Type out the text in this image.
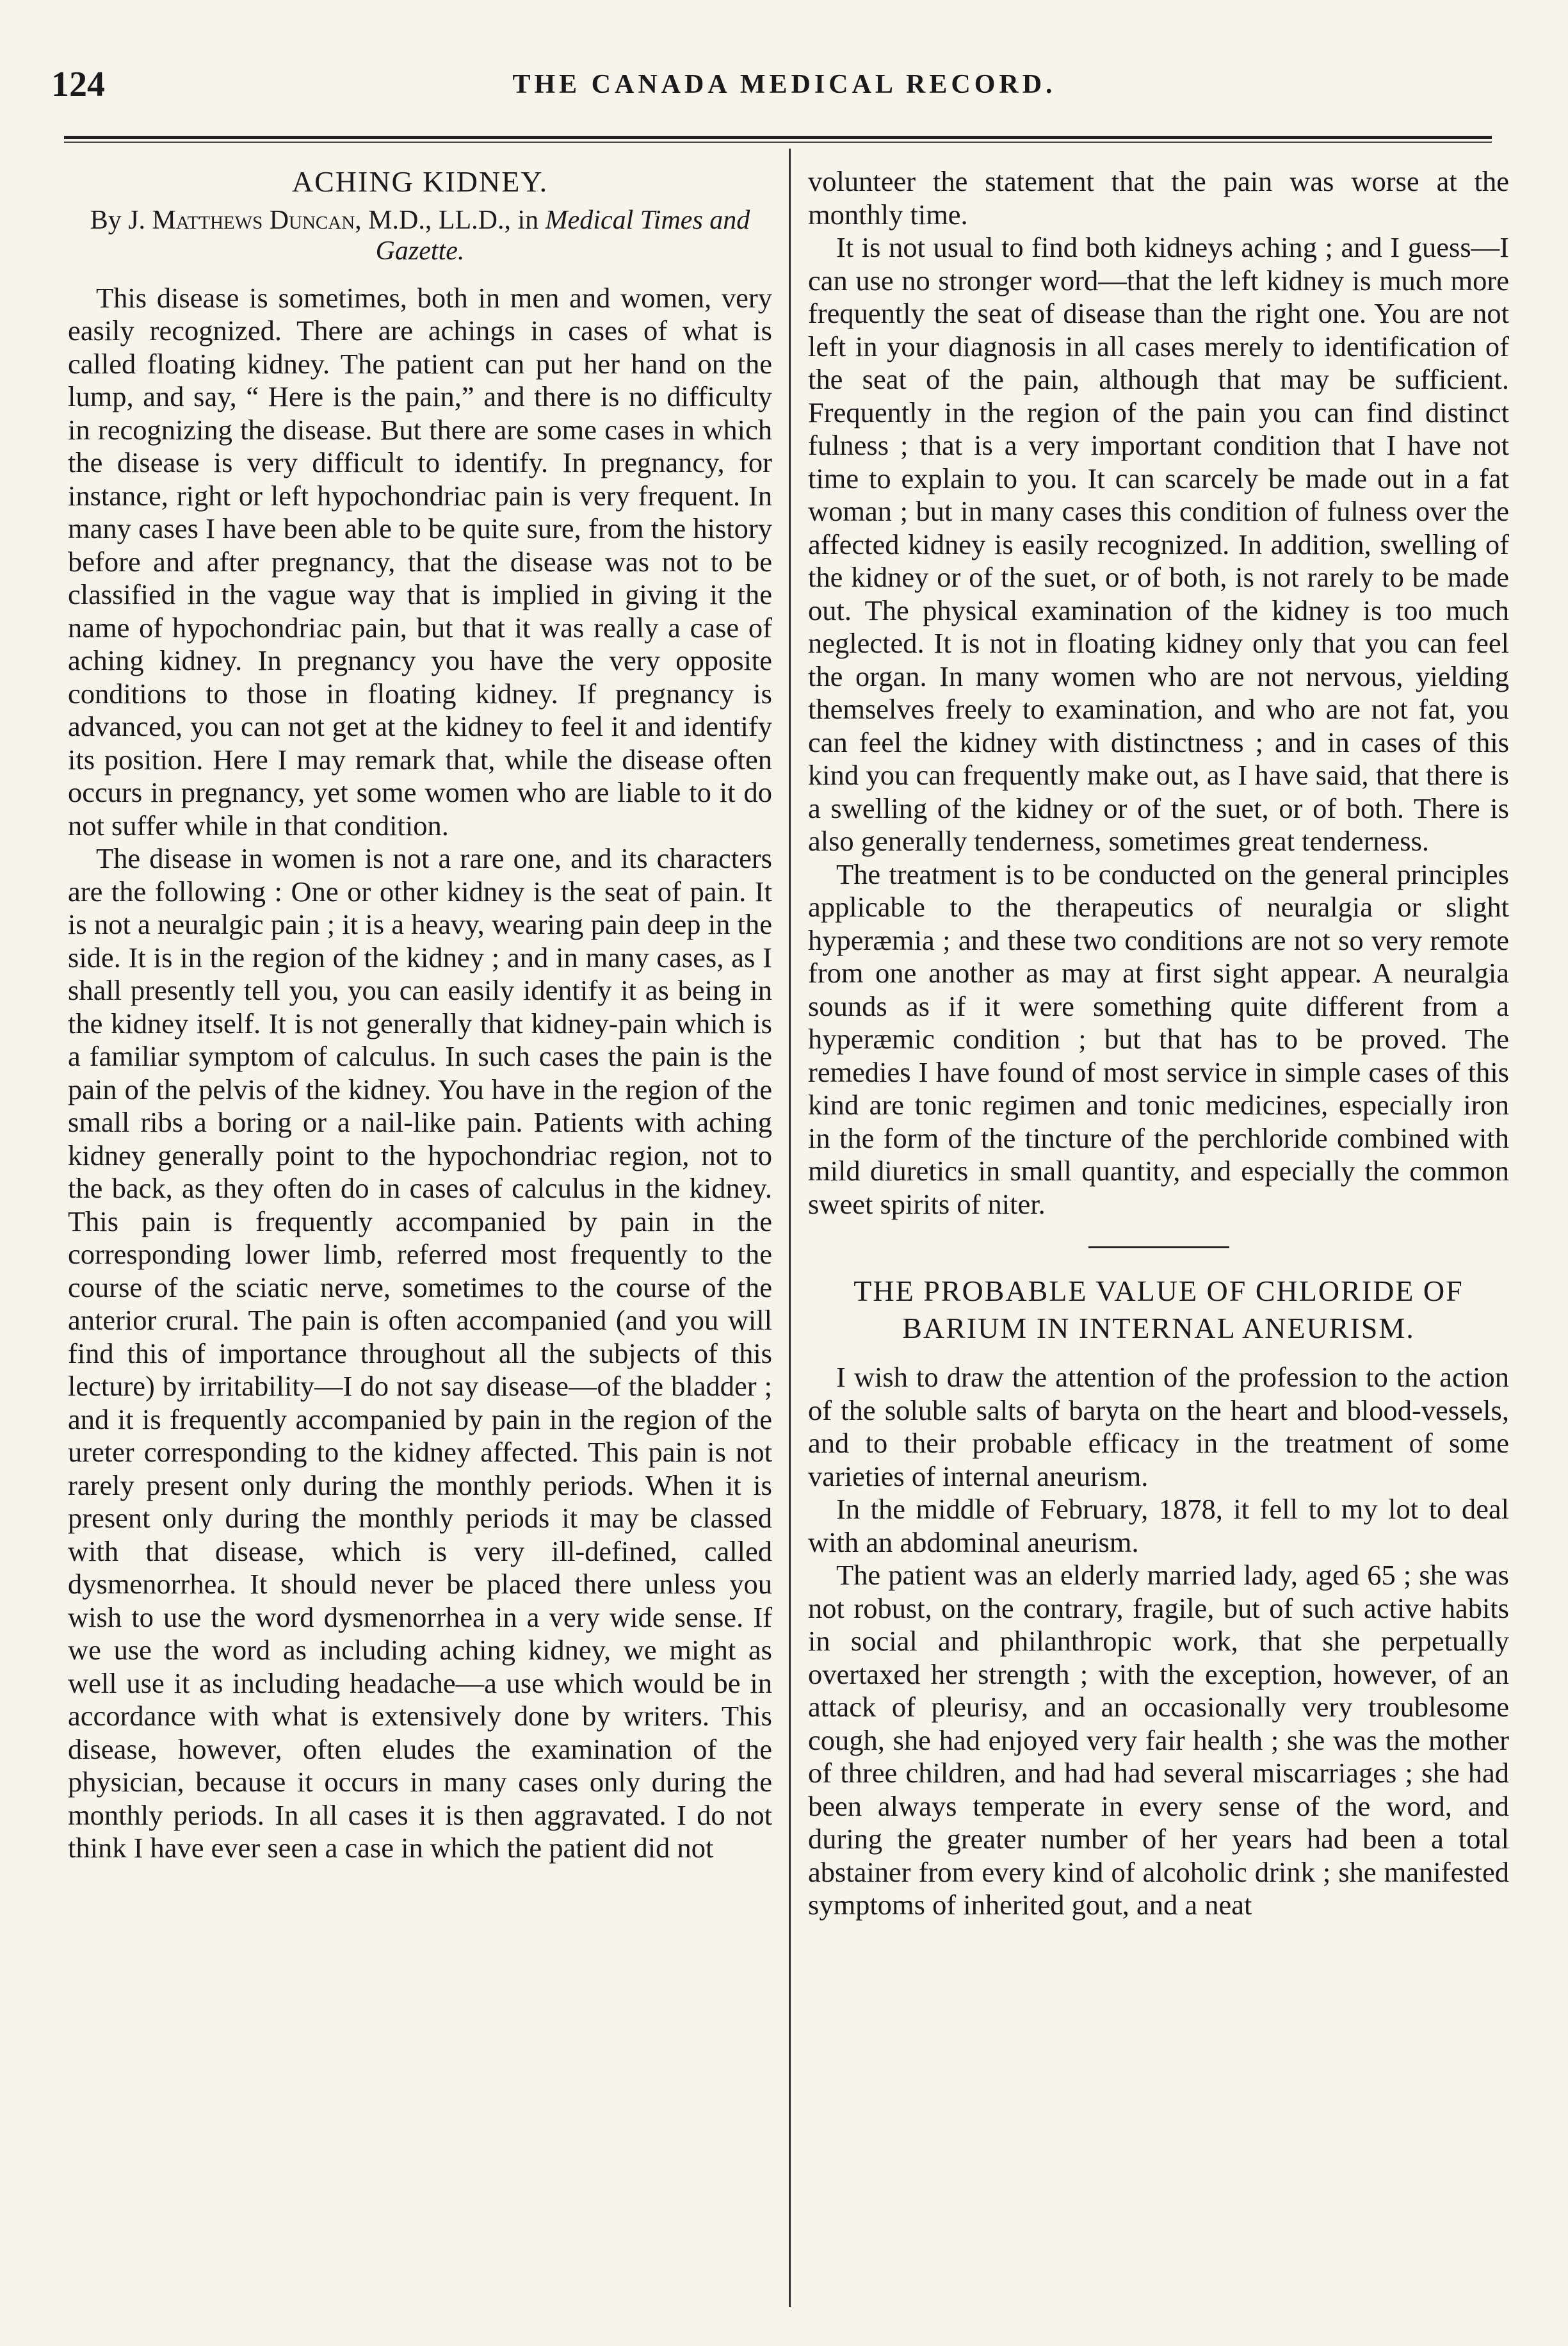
124	THE CANADA MEDICAL RECORD.
ACHING KIDNEY.
By J. Matthews Duncan, M.D., LL.D., in Medical Times and Gazette.

This disease is sometimes, both in men and women, very easily recognized. There are achings in cases of what is called floating kidney. The patient can put her hand on the lump, and say, “ Here is the pain,” and there is no difficulty in recognizing the disease. But there are some cases in which the disease is very difficult to identify. In pregnancy, for instance, right or left hypochondriac pain is very frequent. In many cases I have been able to be quite sure, from the history before and after pregnancy, that the disease was not to be classified in the vague way that is implied in giving it the name of hypochondriac pain, but that it was really a case of aching kidney. In pregnancy you have the very opposite conditions to those in floating kidney. If pregnancy is advanced, you can not get at the kidney to feel it and identify its position. Here I may remark that, while the disease often occurs in pregnancy, yet some women who are liable to it do not suffer while in that condition.

The disease in women is not a rare one, and its characters are the following : One or other kidney is the seat of pain. It is not a neuralgic pain ; it is a heavy, wearing pain deep in the side. It is in the region of the kidney ; and in many cases, as I shall presently tell you, you can easily identify it as being in the kidney itself. It is not generally that kidney-pain which is a familiar symptom of calculus. In such cases the pain is the pain of the pelvis of the kidney. You have in the region of the small ribs a boring or a nail-like pain. Patients with aching kidney generally point to the hypochondriac region, not to the back, as they often do in cases of calculus in the kidney. This pain is frequently accompanied by pain in the corresponding lower limb, referred most frequently to the course of the sciatic nerve, sometimes to the course of the anterior crural. The pain is often accompanied (and you will find this of importance throughout all the subjects of this lecture) by irritability—I do not say disease—of the bladder ; and it is frequently accompanied by pain in the region of the ureter corresponding to the kidney affected. This pain is not rarely present only during the monthly periods. When it is present only during the monthly periods it may be classed with that disease, which is very ill-defined, called dysmenorrhea. It should never be placed there unless you wish to use the word dysmenorrhea in a very wide sense. If we use the word as including aching kidney, we might as well use it as including headache—a use which would be in accordance with what is extensively done by writers. This disease, however, often eludes the examination of the physician, because it occurs in many cases only during the monthly periods. In all cases it is then aggravated. I do not think I have ever seen a case in which the patient did not

volunteer the statement that the pain was worse at the monthly time.

It is not usual to find both kidneys aching ; and I guess—I can use no stronger word—that the left kidney is much more frequently the seat of disease than the right one. You are not left in your diagnosis in all cases merely to identification of the seat of the pain, although that may be sufficient. Frequently in the region of the pain you can find distinct fulness ; that is a very important condition that I have not time to explain to you. It can scarcely be made out in a fat woman ; but in many cases this condition of fulness over the affected kidney is easily recognized. In addition, swelling of the kidney or of the suet, or of both, is not rarely to be made out. The physical examination of the kidney is too much neglected. It is not in floating kidney only that you can feel the organ. In many women who are not nervous, yielding themselves freely to examination, and who are not fat, you can feel the kidney with distinctness ; and in cases of this kind you can frequently make out, as I have said, that there is a swelling of the kidney or of the suet, or of both. There is also generally tenderness, sometimes great tenderness.

The treatment is to be conducted on the general principles applicable to the therapeutics of neuralgia or slight hyperæmia ; and these two conditions are not so very remote from one another as may at first sight appear. A neuralgia sounds as if it were something quite different from a hyperæmic condition ; but that has to be proved. The remedies I have found of most service in simple cases of this kind are tonic regimen and tonic medicines, especially iron in the form of the tincture of the perchloride combined with mild diuretics in small quantity, and especially the common sweet spirits of niter.

THE PROBABLE VALUE OF CHLORIDE OF BARIUM IN INTERNAL ANEURISM.

I wish to draw the attention of the profession to the action of the soluble salts of baryta on the heart and blood-vessels, and to their probable efficacy in the treatment of some varieties of internal aneurism.

In the middle of February, 1878, it fell to my lot to deal with an abdominal aneurism.

The patient was an elderly married lady, aged 65 ; she was not robust, on the contrary, fragile, but of such active habits in social and philanthropic work, that she perpetually overtaxed her strength ; with the exception, however, of an attack of pleurisy, and an occasionally very troublesome cough, she had enjoyed very fair health ; she was the mother of three children, and had had several miscarriages ; she had been always temperate in every sense of the word, and during the greater number of her years had been a total abstainer from every kind of alcoholic drink ; she manifested symptoms of inherited gout, and a neat
